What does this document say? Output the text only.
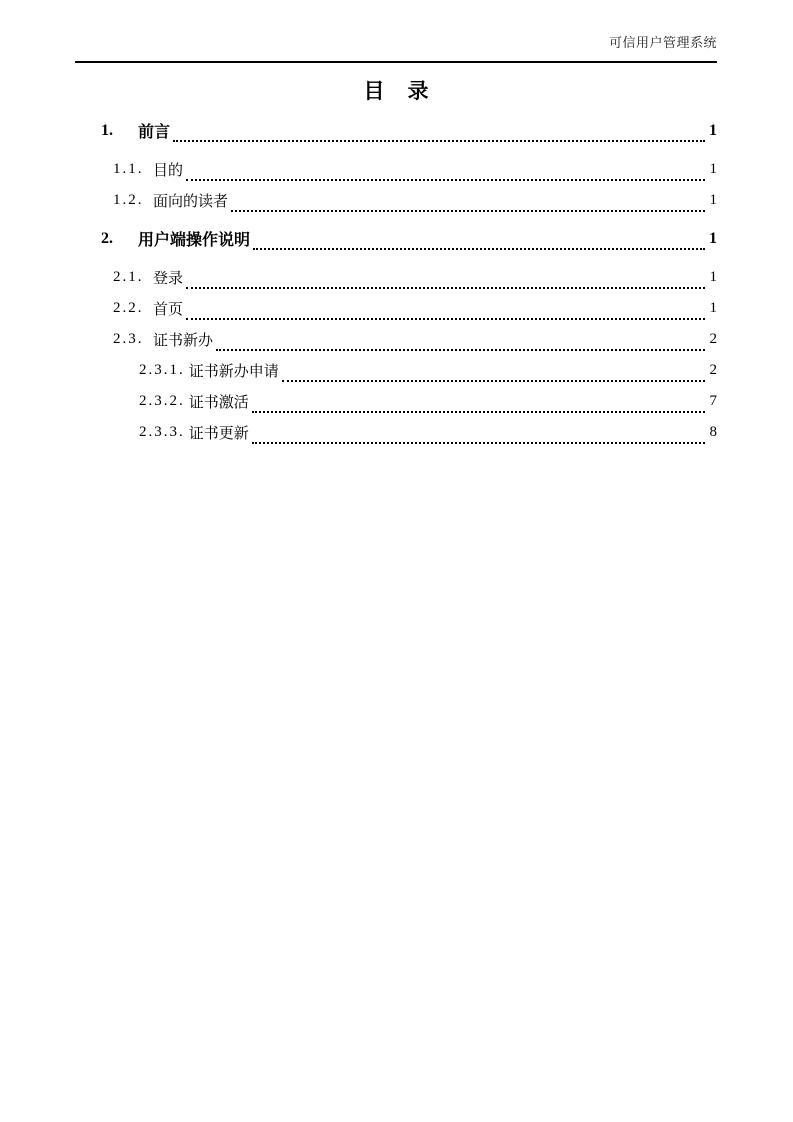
可信用户管理系统
目　录
1.	前言	1
1.1. 目的	1
1.2. 面向的读者	1
2.	用户端操作说明	1
2.1. 登录	1
2.2. 首页	1
2.3. 证书新办	2
2.3.1. 证书新办申请	2
2.3.2. 证书激活	7
2.3.3. 证书更新	8
